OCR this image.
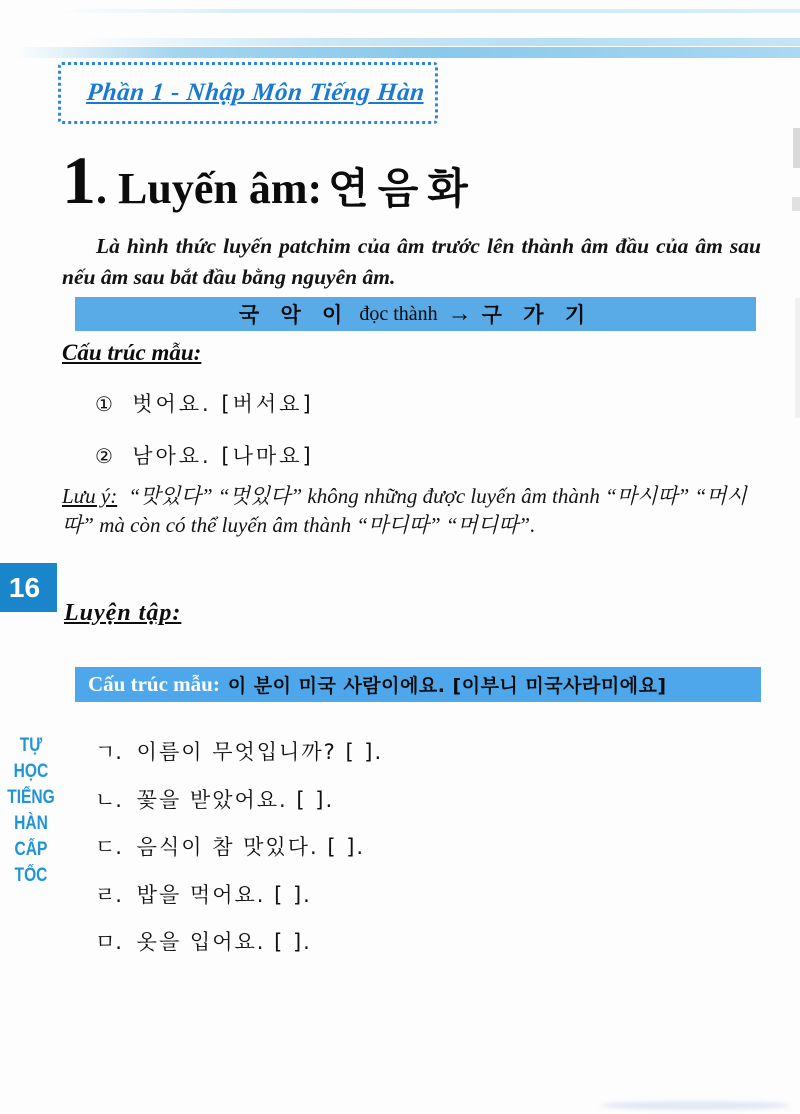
Phần 1 - Nhập Môn Tiếng Hàn
1 . Luyến âm: 연음화

Là hình thức luyến patchim của âm trước lên thành âm đầu của âm sau nếu âm sau bắt đầu bằng nguyên âm.

국 악 이 đọc thành → 구 가 기
Cấu trúc mẫu:
① 벗어요. [버서요]
② 남아요. [나마요]

Lưu ý: “맛있다” “멋있다” không những được luyến âm thành “마시따” “머시따” mà còn có thể luyến âm thành “마디따” “머디따”.

16
Luyện tập:
Cấu trúc mẫu: 이 분이 미국 사람이에요. [이부니 미국사라미에요]
TỰ
HỌC
TIẾNG
HÀN
CẤP
TỐC
ㄱ. 이름이 무엇입니까? [ ].
ㄴ. 꽃을 받았어요. [ ].
ㄷ. 음식이 참 맛있다. [ ].
ㄹ. 밥을 먹어요. [ ].
ㅁ. 옷을 입어요. [ ].
